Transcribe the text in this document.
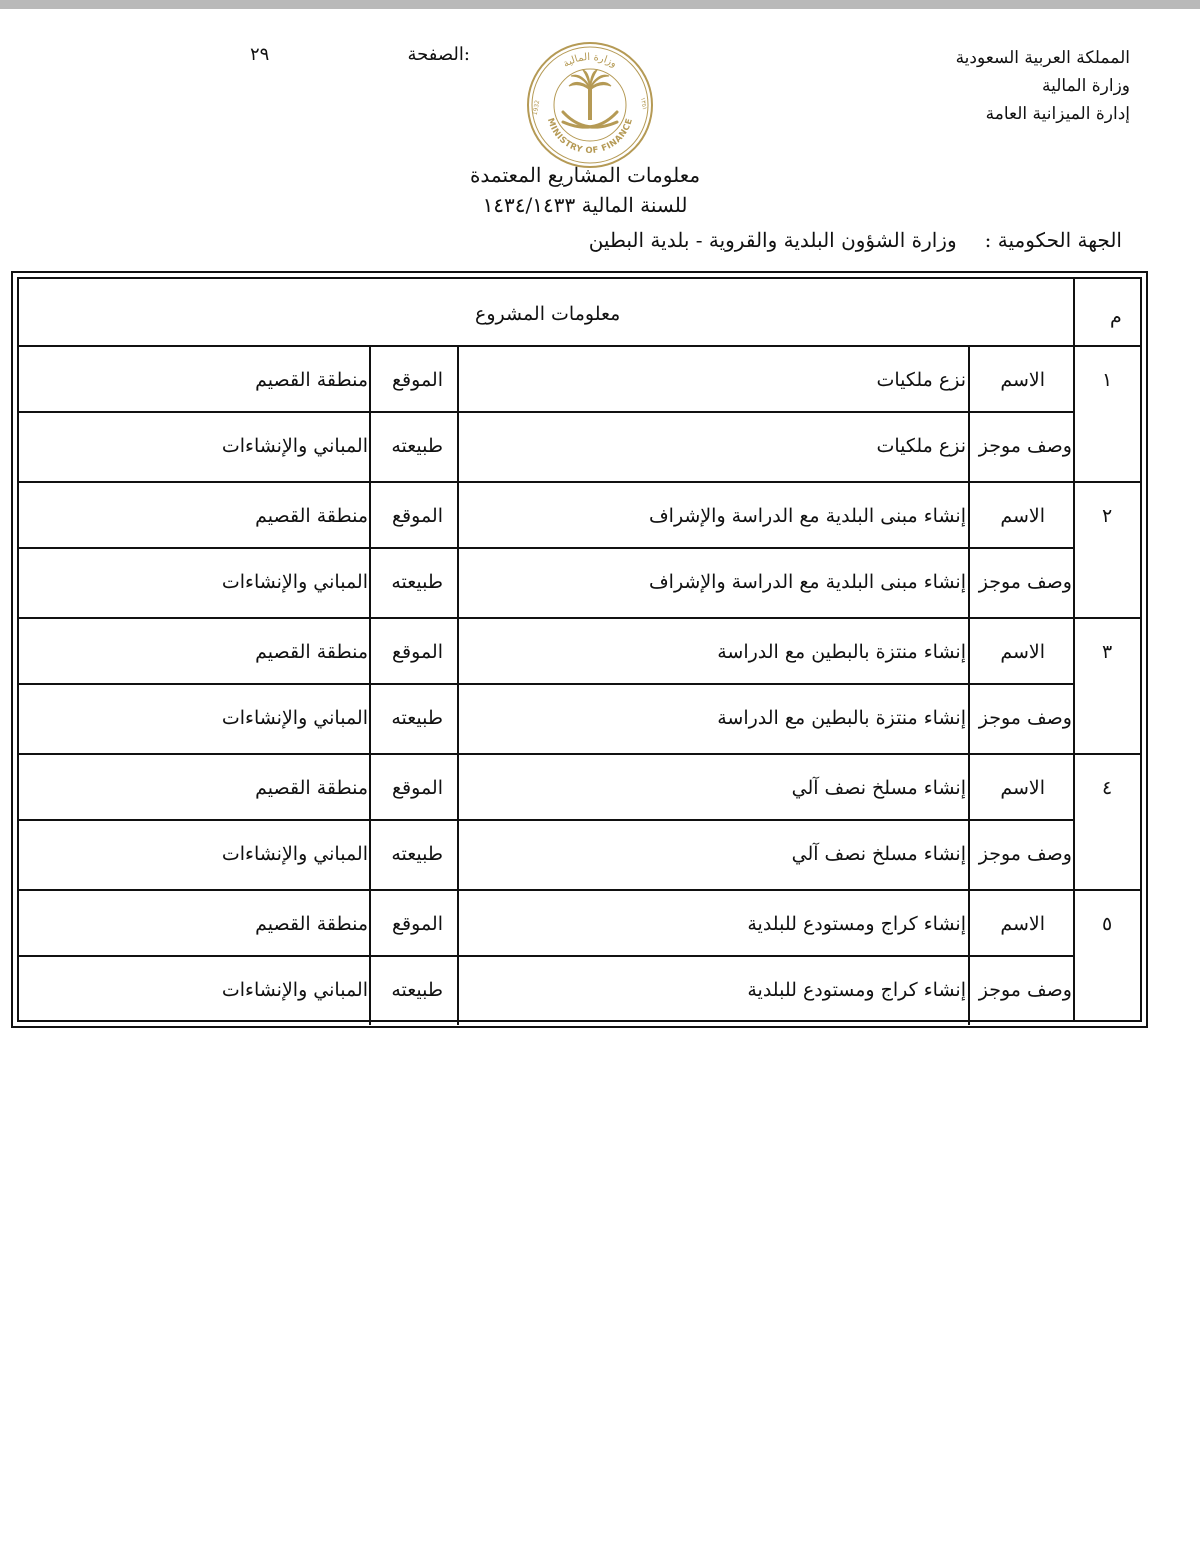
المملكة العربية السعودية
وزارة المالية
إدارة الميزانية العامة
الصفحة:
٢٩	وزارة المالية
MINISTRY OF FINANCE
1932	١٣٥١
معلومات المشاريع المعتمدة
للسنة المالية ١٤٣٤/١٤٣٣
الجهة الحكومية :وزارة الشؤون البلدية والقروية - بلدية البطين
م
معلومات المشروع
١
الاسم
وصف موجز
نزع ملكيات
نزع ملكيات
الموقع
طبيعته
منطقة القصيم
المباني والإنشاءات
٢
الاسم
وصف موجز
إنشاء مبنى البلدية مع الدراسة والإشراف
إنشاء مبنى البلدية مع الدراسة والإشراف
الموقع
طبيعته
منطقة القصيم
المباني والإنشاءات
٣
الاسم
وصف موجز
إنشاء منتزة بالبطين مع الدراسة
إنشاء منتزة بالبطين مع الدراسة
الموقع
طبيعته
منطقة القصيم
المباني والإنشاءات
٤
الاسم
وصف موجز
إنشاء مسلخ نصف آلي
إنشاء مسلخ نصف آلي
الموقع
طبيعته
منطقة القصيم
المباني والإنشاءات
٥
الاسم
وصف موجز
إنشاء كراج ومستودع للبلدية
إنشاء كراج ومستودع للبلدية
الموقع
طبيعته
منطقة القصيم
المباني والإنشاءات
